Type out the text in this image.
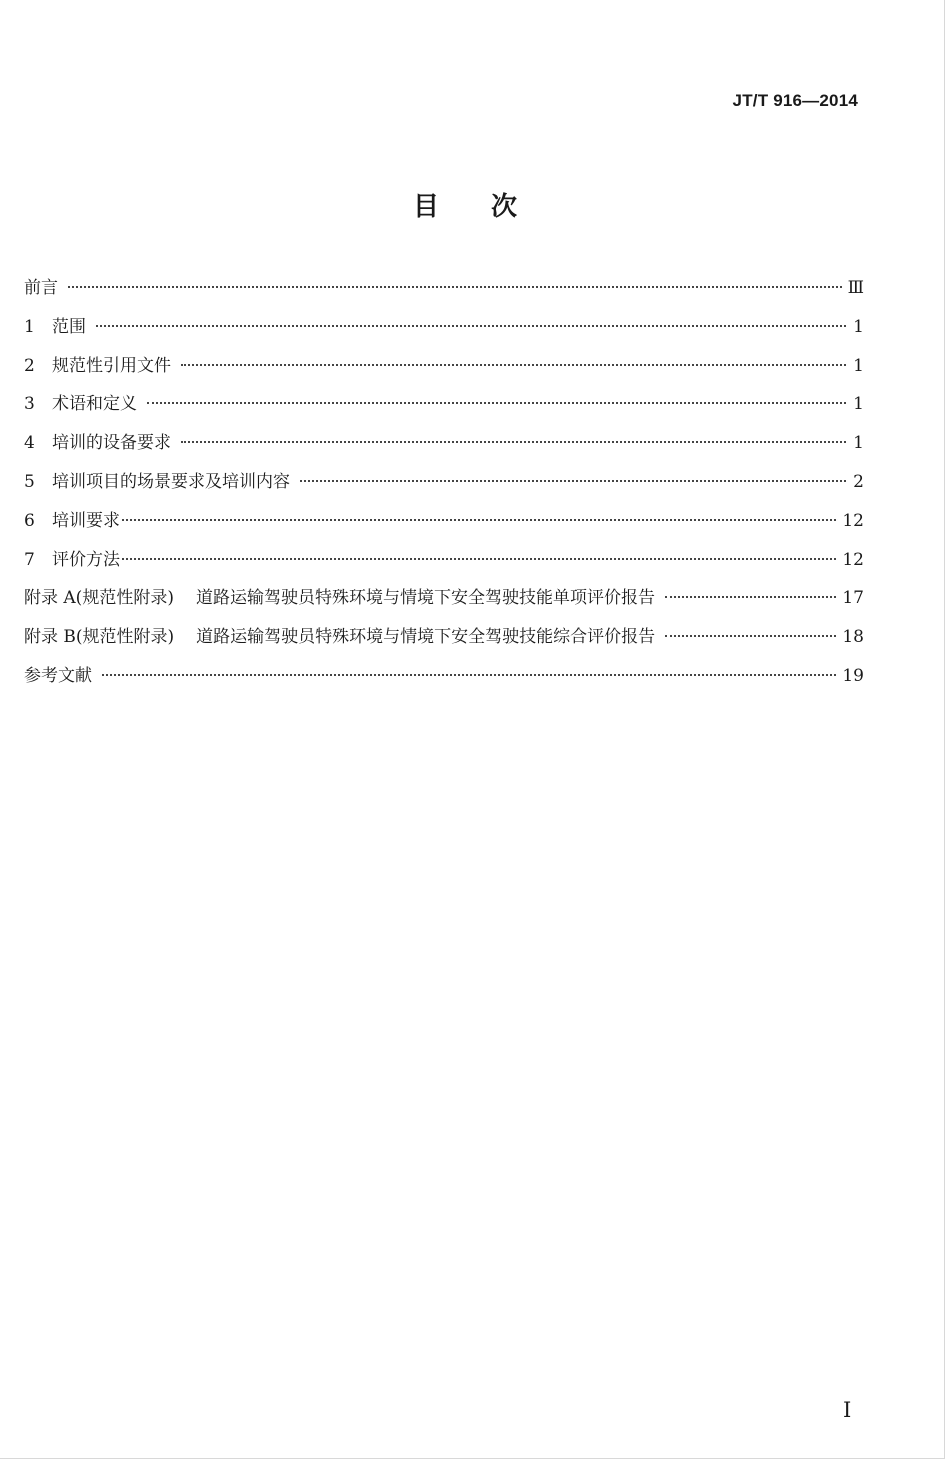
JT/T 916—2014
目次
前言	Ⅲ
1	范围	1
2	规范性引用文件	1
3	术语和定义	1
4	培训的设备要求	1
5	培训项目的场景要求及培训内容	2
6	培训要求	12
7	评价方法	12
附录 A(规范性附录) 道路运输驾驶员特殊环境与情境下安全驾驶技能单项评价报告	17
附录 B(规范性附录) 道路运输驾驶员特殊环境与情境下安全驾驶技能综合评价报告	18
参考文献	19
I
